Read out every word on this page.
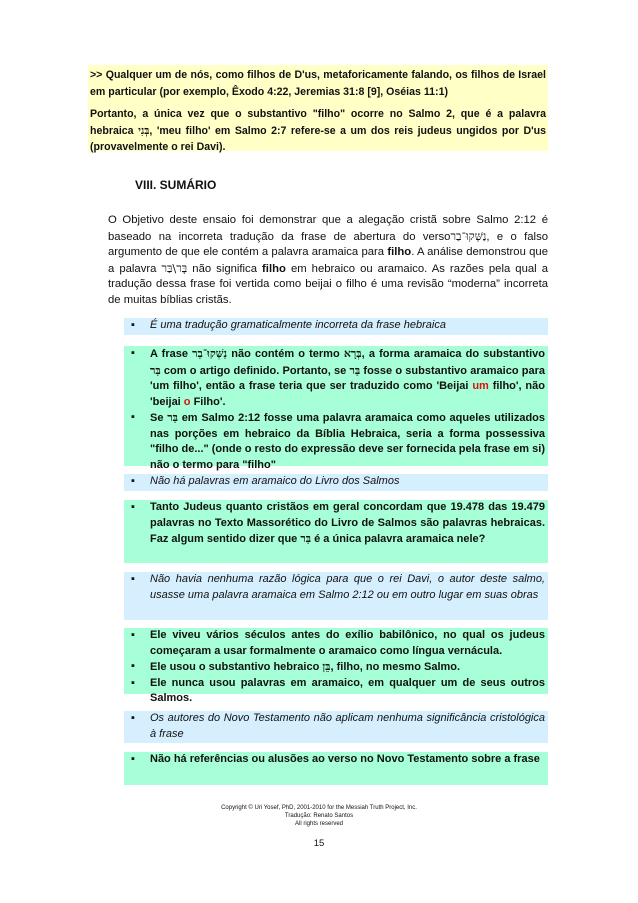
>> Qualquer um de nós, como filhos de D'us, metaforicamente falando, os filhos de Israel em particular (por exemplo, Êxodo 4:22, Jeremias 31:8 [9], Oséias 11:1)
Portanto, a única vez que o substantivo "filho" ocorre no Salmo 2, que é a palavra hebraica בְּנִי, 'meu filho' em Salmo 2:7 refere-se a um dos reis judeus ungidos por D'us (provavelmente o rei Davi).
VIII. SUMÁRIO
O Objetivo deste ensaio foi demonstrar que a alegação cristã sobre Salmo 2:12 é baseado na incorreta tradução da frase de abertura do versoנַשְּׁקוּ־בַר, e o falso argumento de que ele contém a palavra aramaica para filho. A análise demonstrou que a palavra בָּר\בַּר não significa filho em hebraico ou aramaico. As razões pela qual a tradução dessa frase foi vertida como beijai o filho é uma revisão “moderna” incorreta de muitas bíblias cristãs.
▪ É uma tradução gramaticalmente incorreta da frase hebraica
▪ A frase נַשְּׁקוּ־בַר não contém o termo בְּרָא, a forma aramaica do substantivo בַּר com o artigo definido. Portanto, se בַּר fosse o substantivo aramaico para 'um filho', então a frase teria que ser traduzido como 'Beijai um filho', não 'beijai o Filho'.
▪ Se בַּר em Salmo 2:12 fosse uma palavra aramaica como aqueles utilizados nas porções em hebraico da Bíblia Hebraica, seria a forma possessiva "filho de..." (onde o resto do expressão deve ser fornecida pela frase em si) não o termo para "filho"
▪ Não há palavras em aramaico do Livro dos Salmos
▪ Tanto Judeus quanto cristãos em geral concordam que 19.478 das 19.479 palavras no Texto Massorético do Livro de Salmos são palavras hebraicas. Faz algum sentido dizer que בַּר é a única palavra aramaica nele?
▪ Não havia nenhuma razão lógica para que o rei Davi, o autor deste salmo, usasse uma palavra aramaica em Salmo 2:12 ou em outro lugar em suas obras
▪ Ele viveu vários séculos antes do exílio babilônico, no qual os judeus começaram a usar formalmente o aramaico como língua vernácula.
▪ Ele usou o substantivo hebraico בֵּן, filho, no mesmo Salmo.
▪ Ele nunca usou palavras em aramaico, em qualquer um de seus outros Salmos.
▪ Os autores do Novo Testamento não aplicam nenhuma significância cristológica à frase
▪ Não há referências ou alusões ao verso no Novo Testamento sobre a frase
Copyright © Uri Yosef, PhD, 2001-2010 for the Messiah Truth Project, Inc.
Tradução: Renato Santos
All rights reserved
15
